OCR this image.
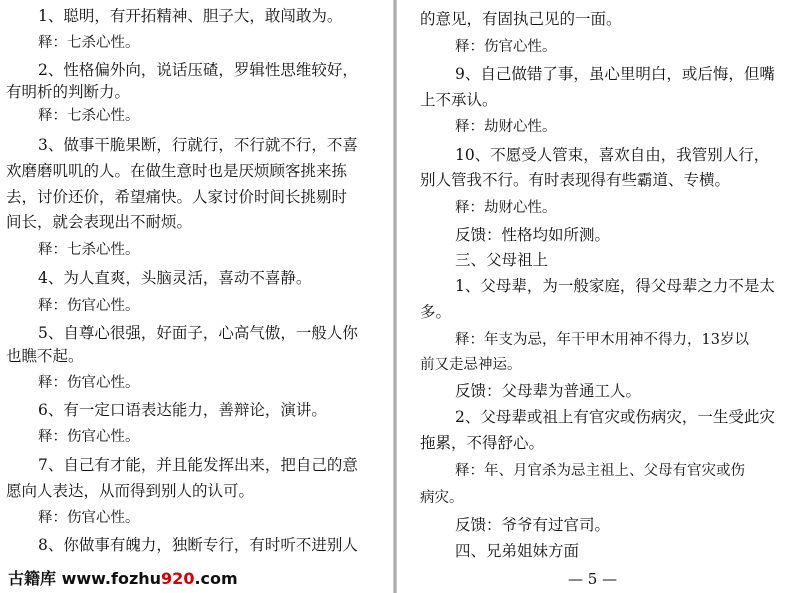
1、聪明，有开拓精神、胆子大，敢闯敢为。
释：七杀心性。
2、性格偏外向，说话压碴，罗辑性思维较好，
有明析的判断力。
释：七杀心性。
3、做事干脆果断，行就行，不行就不行，不喜
欢磨磨叽叽的人。在做生意时也是厌烦顾客挑来拣
去，讨价还价，希望痛快。人家讨价时间长挑剔时
间长，就会表现出不耐烦。
释：七杀心性。
4、为人直爽，头脑灵活，喜动不喜静。
释：伤官心性。
5、自尊心很强，好面子，心高气傲，一般人你
也瞧不起。
释：伤官心性。
6、有一定口语表达能力，善辩论，演讲。
释：伤官心性。
7、自己有才能，并且能发挥出来，把自己的意
愿向人表达，从而得到别人的认可。
释：伤官心性。
8、你做事有魄力，独断专行，有时听不进别人
古籍库 www.fozhu920.com
的意见，有固执己见的一面。
释：伤官心性。
9、自己做错了事，虽心里明白，或后悔，但嘴
上不承认。
释：劫财心性。
10、不愿受人管束，喜欢自由，我管别人行，
别人管我不行。有时表现得有些霸道、专横。
释：劫财心性。
反馈：性格均如所测。
三、父母祖上
1、父母辈，为一般家庭，得父母辈之力不是太
多。
释：年支为忌，年干甲木用神不得力，13岁以
前又走忌神运。
反馈：父母辈为普通工人。
2、父母辈或祖上有官灾或伤病灾，一生受此灾
拖累，不得舒心。
释：年、月官杀为忌主祖上、父母有官灾或伤
病灾。
反馈：爷爷有过官司。
四、兄弟姐妹方面
— 5 —
